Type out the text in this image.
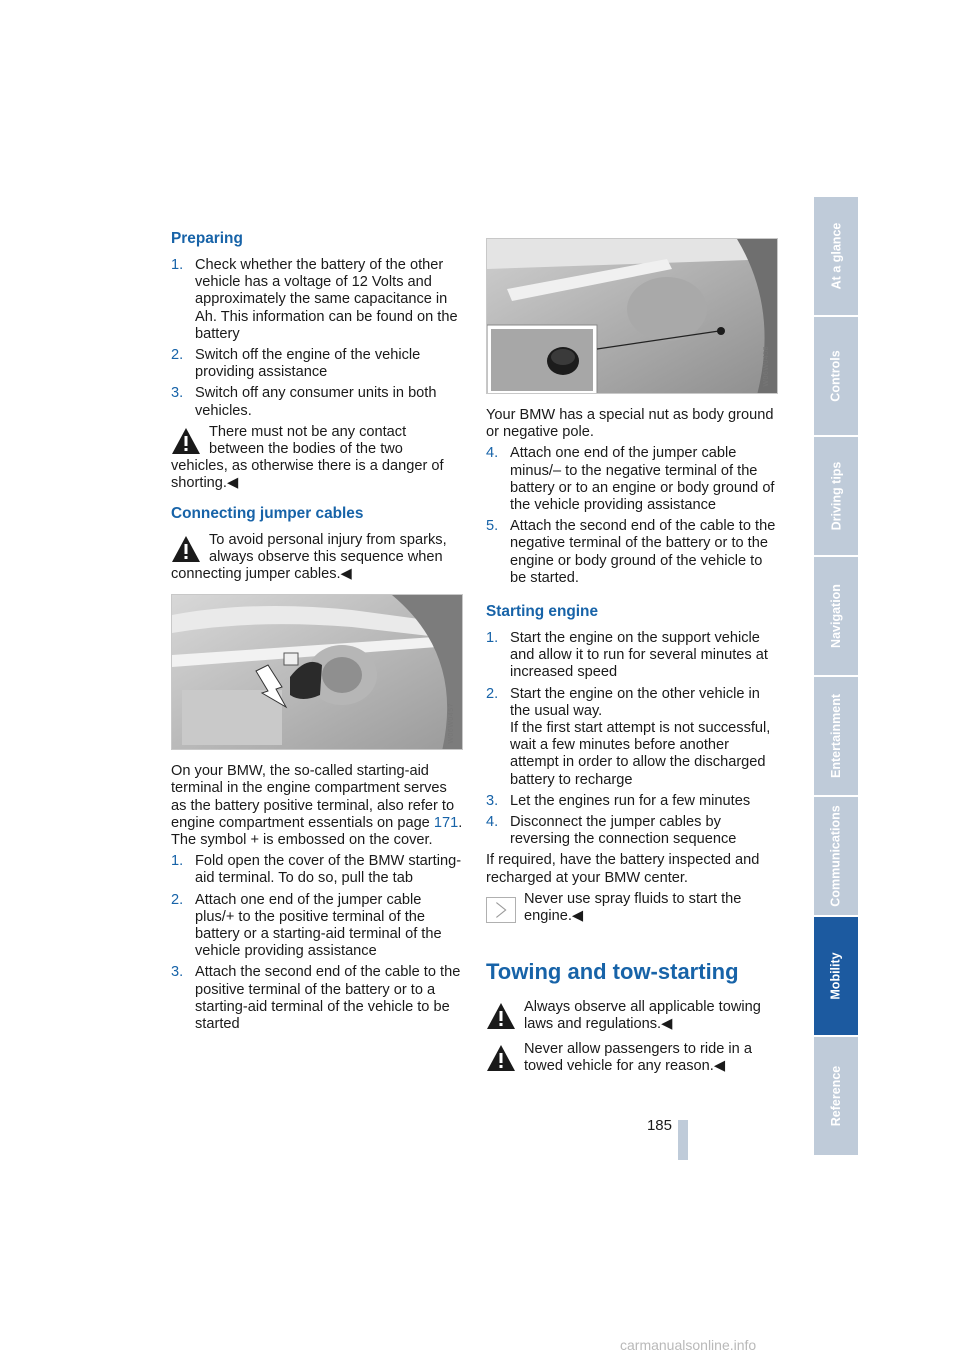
Preparing
1. Check whether the battery of the other vehicle has a voltage of 12 Volts and approximately the same capacitance in Ah. This information can be found on the battery
2. Switch off the engine of the vehicle providing assistance
3. Switch off any consumer units in both vehicles.
There must not be any contact between the bodies of the two vehicles, as otherwise there is a danger of shorting.◀
Connecting jumper cables
To avoid personal injury from sparks, always observe this sequence when connecting jumper cables.◀
W06W0457

On your BMW, the so-called starting-aid terminal in the engine compartment serves as the battery positive terminal, also refer to engine compartment essentials on page 171. The symbol + is embossed on the cover.

1. Fold open the cover of the BMW starting-aid terminal. To do so, pull the tab
2. Attach one end of the jumper cable plus/+ to the positive terminal of the battery or a starting-aid terminal of the vehicle providing assistance
3. Attach the second end of the cable to the positive terminal of the battery or to a starting-aid terminal of the vehicle to be started
W06W0458

Your BMW has a special nut as body ground or negative pole.

4. Attach one end of the jumper cable minus/– to the negative terminal of the battery or to an engine or body ground of the vehicle providing assistance
5. Attach the second end of the cable to the negative terminal of the battery or to the engine or body ground of the vehicle to be started.
Starting engine
1. Start the engine on the support vehicle and allow it to run for several minutes at increased speed
2. Start the engine on the other vehicle in the usual way.
If the first start attempt is not successful, wait a few minutes before another attempt in order to allow the discharged battery to recharge
3. Let the engines run for a few minutes
4. Disconnect the jumper cables by reversing the connection sequence

If required, have the battery inspected and recharged at your BMW center.

Never use spray fluids to start the engine.◀
Towing and tow-starting
Always observe all applicable towing laws and regulations.◀
Never allow passengers to ride in a towed vehicle for any reason.◀
At a glance
Controls
Driving tips
Navigation
Entertainment
Communications
Mobility
Reference
185
carmanualsonline.info
